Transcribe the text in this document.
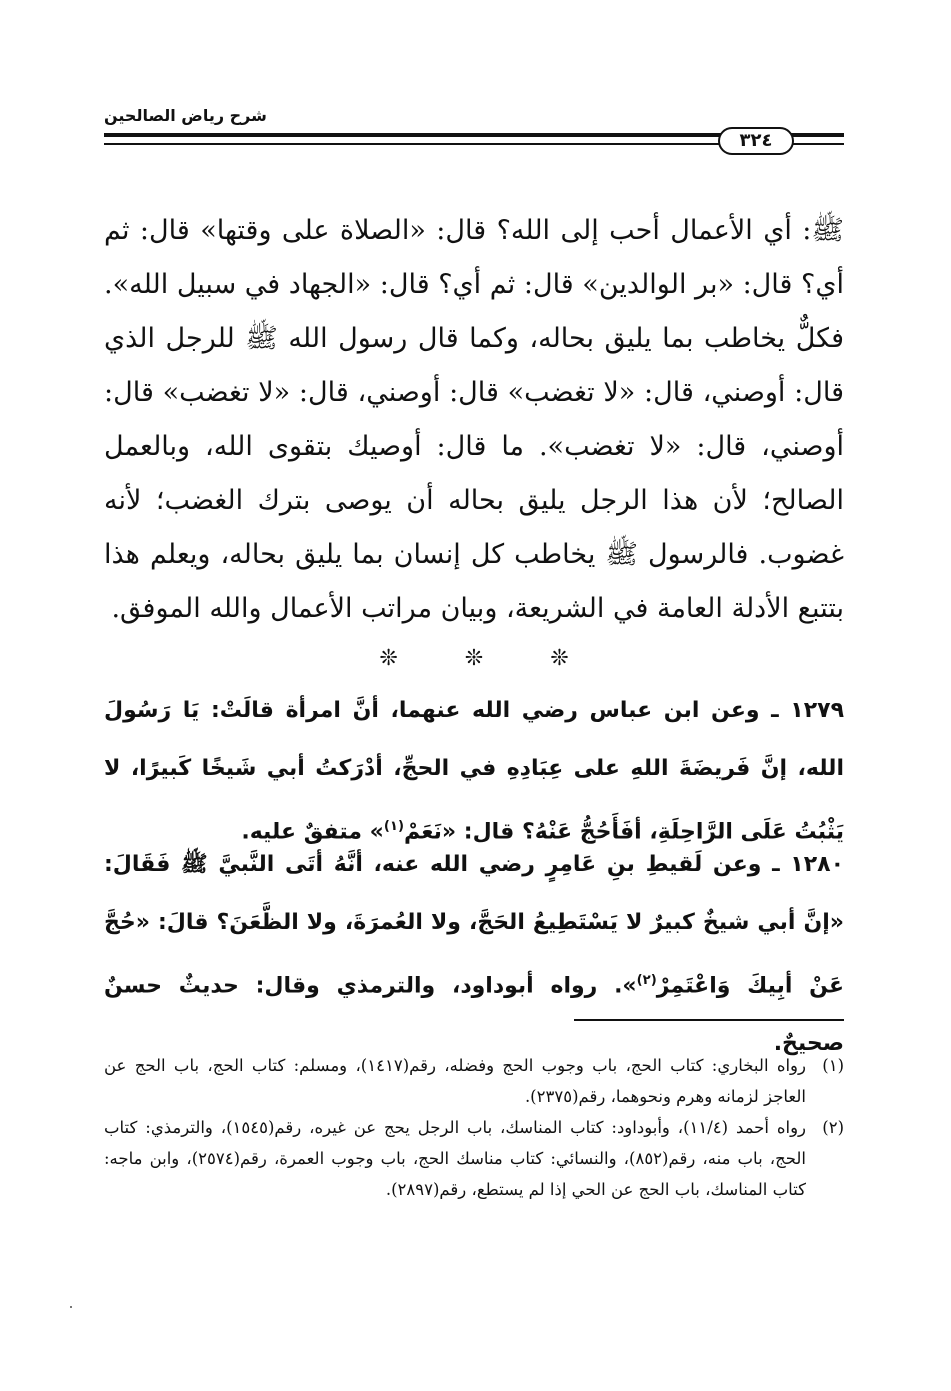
شرح رياض الصالحين
٣٢٤
ﷺ: أي الأعمال أحب إلى الله؟ قال: «الصلاة على وقتها» قال: ثم أي؟ قال: «بر الوالدين» قال: ثم أي؟ قال: «الجهاد في سبيل الله». فكلٌّ يخاطب بما يليق بحاله، وكما قال رسول الله ﷺ للرجل الذي قال: أوصني، قال: «لا تغضب» قال: أوصني، قال: «لا تغضب» قال: أوصني، قال: «لا تغضب». ما قال: أوصيك بتقوى الله، وبالعمل الصالح؛ لأن هذا الرجل يليق بحاله أن يوصى بترك الغضب؛ لأنه غضوب. فالرسول ﷺ يخاطب كل إنسان بما يليق بحاله، ويعلم هذا بتتبع الأدلة العامة في الشريعة، وبيان مراتب الأعمال والله الموفق.
❊	❊	❊
١٢٧٩ ـ وعن ابن عباس رضي الله عنهما، أنَّ امرأة قالَتْ: يَا رَسُولَ الله، إنَّ فَريضَةَ اللهِ على عِبَادِهِ في الحجِّ، أدْرَكتُ أبي شَيخًا كَبيرًا، لا يَثْبُتُ عَلَى الرَّاحِلَةِ، أفَأَحُجُّ عَنْهُ؟ قال: «نَعَمْ$^{(١)}$» متفقٌ عليه.
١٢٨٠ ـ وعن لَقيطِ بنِ عَامِرٍ رضي الله عنه، أنَّهُ أتَى النَّبيَّ ﷺ فَقَالَ: «إنَّ أبي شيخٌ كبيرٌ لا يَسْتَطِيعُ الحَجَّ، ولا العُمرَةَ، ولا الظَّعَنَ؟ قالَ: «حُجَّ عَنْ أبِيكَ وَاعْتَمِرْ$^{(٢)}$». رواه أبوداود، والترمذي وقال: حديثٌ حسنٌ صحيحٌ.
(١)
رواه البخاري: كتاب الحج، باب وجوب الحج وفضله، رقم(١٤١٧)، ومسلم: كتاب الحج، باب الحج عن العاجز لزمانه وهرم ونحوهما، رقم(٢٣٧٥).
(٢)
رواه أحمد (١١/٤)، وأبوداود: كتاب المناسك، باب الرجل يحج عن غيره، رقم(١٥٤٥)، والترمذي: كتاب الحج، باب منه، رقم(٨٥٢)، والنسائي: كتاب مناسك الحج، باب وجوب العمرة، رقم(٢٥٧٤)، وابن ماجه: كتاب المناسك، باب الحج عن الحي إذا لم يستطع، رقم(٢٨٩٧).
